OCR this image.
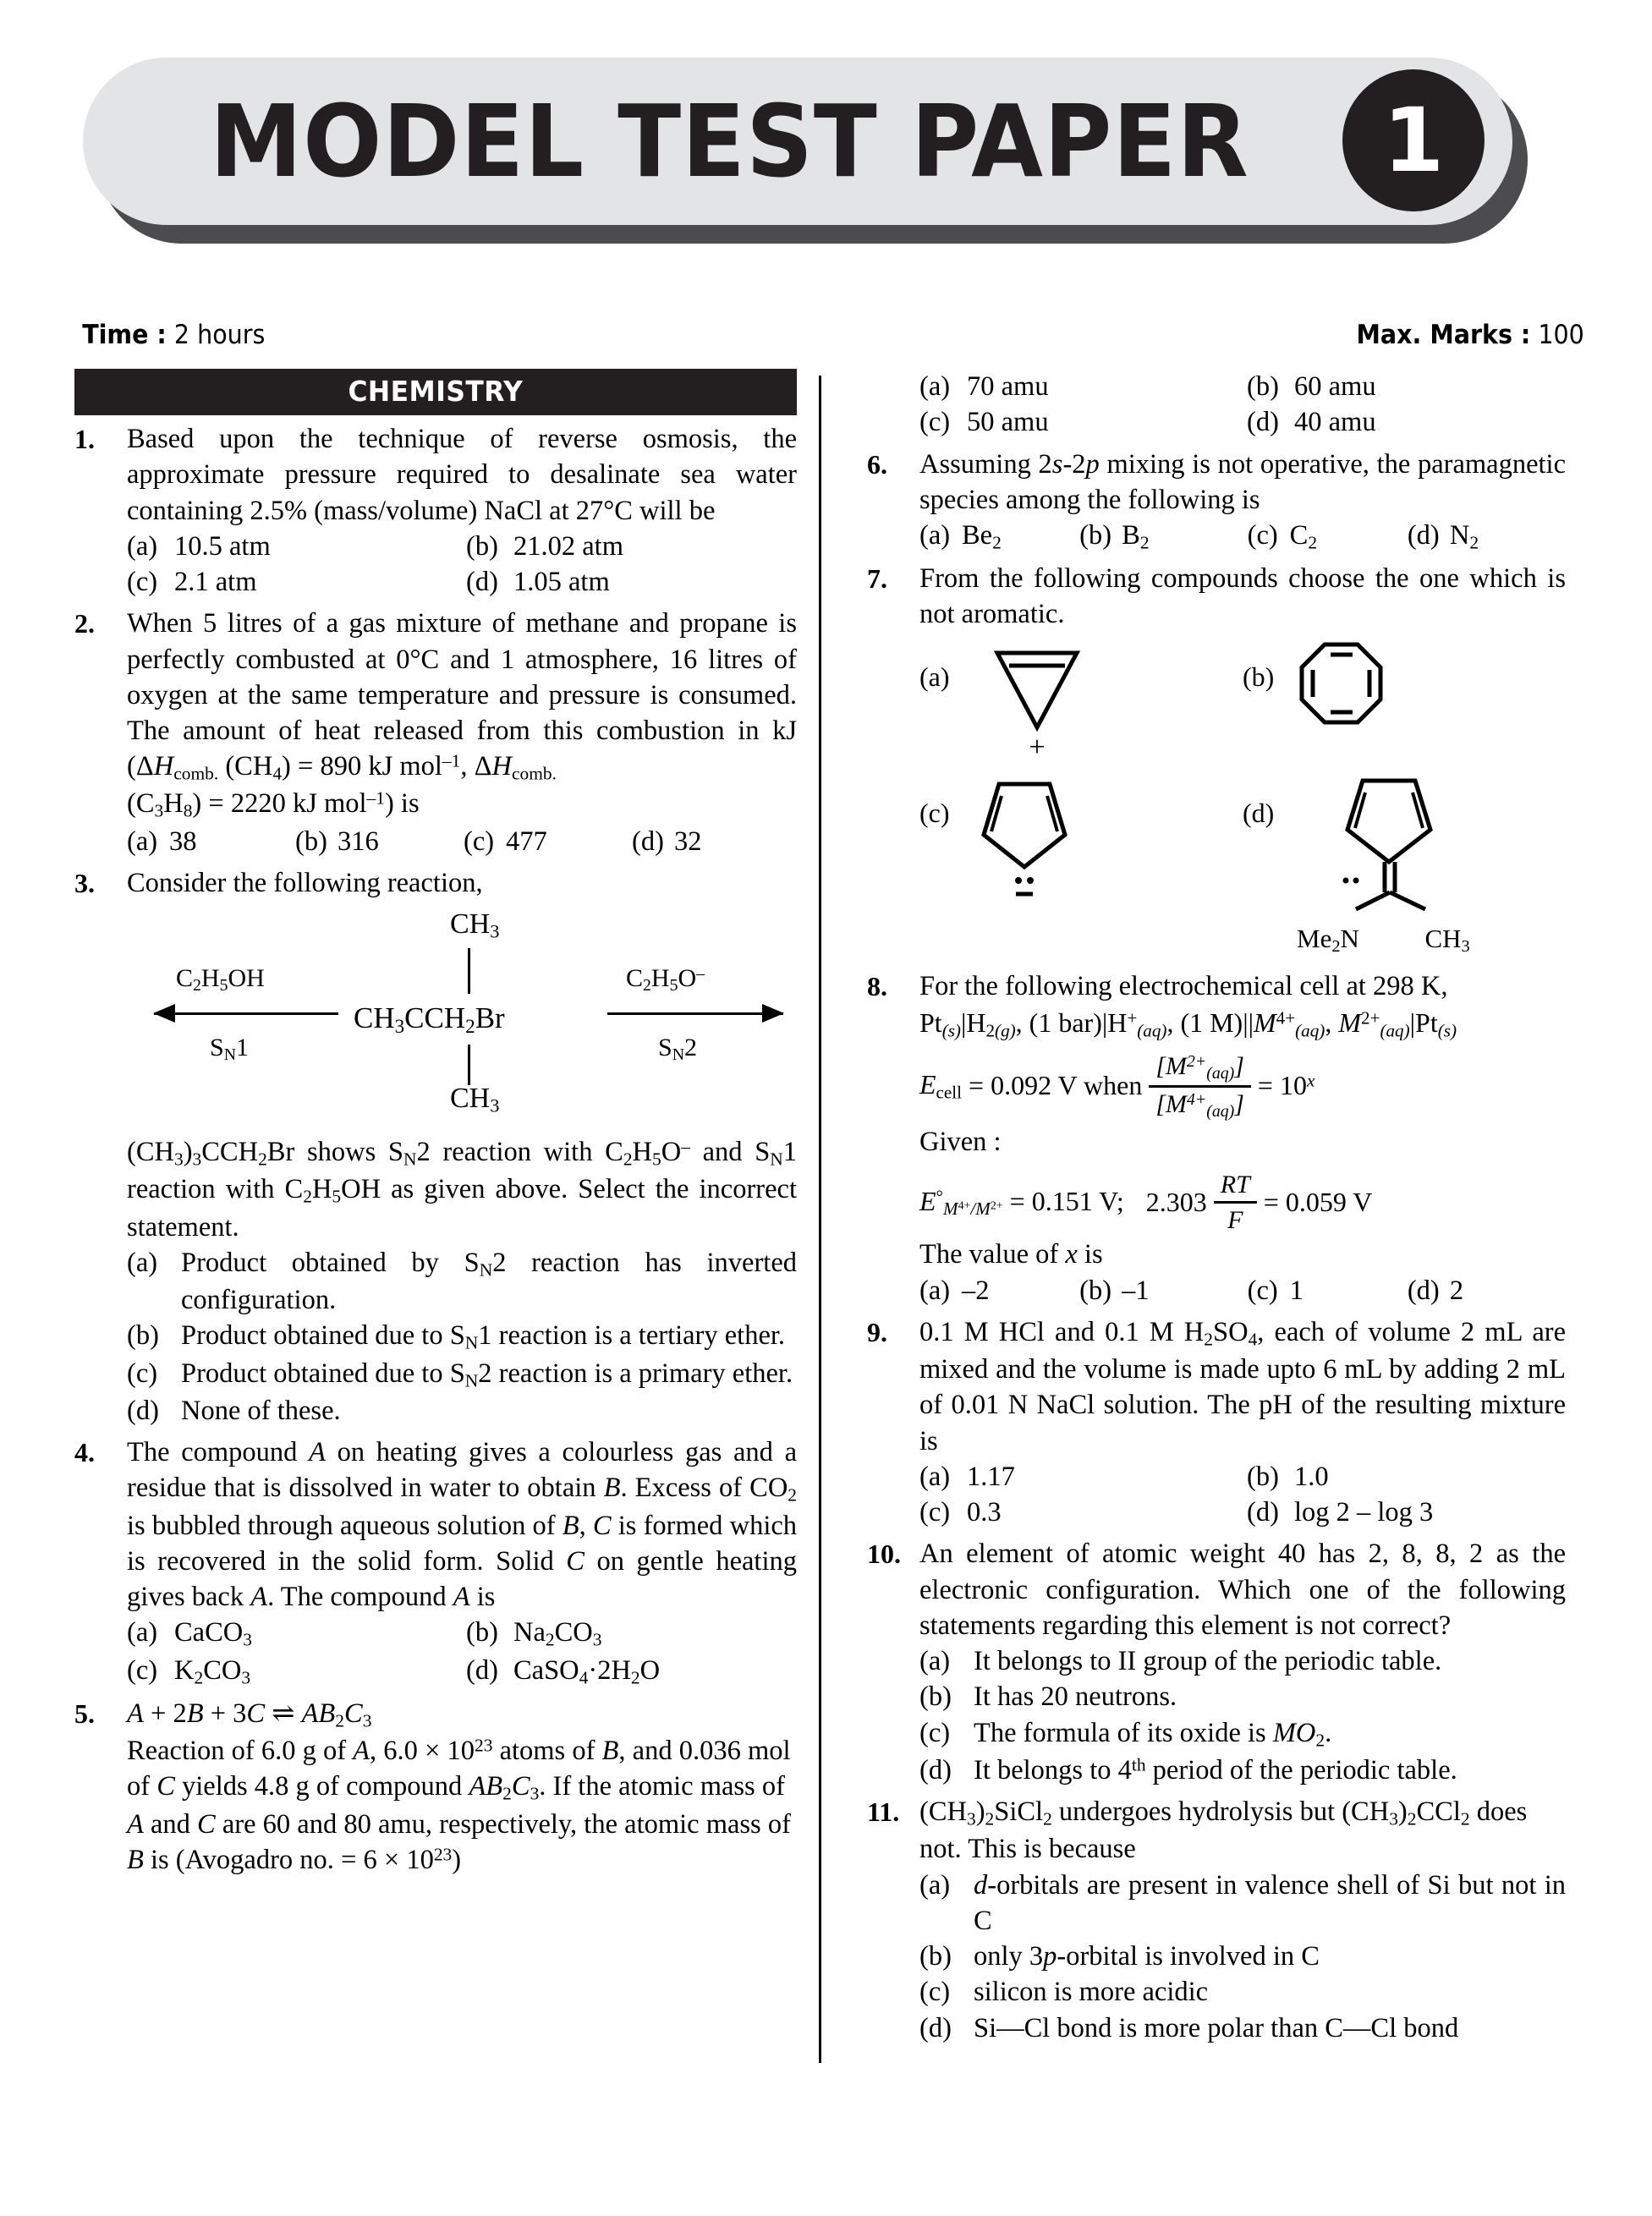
MODEL TEST PAPER	1
Time : 2 hours	Max. Marks : 100
CHEMISTRY
1.	Based upon the technique of reverse osmosis, the approximate pressure required to desalinate sea water containing 2.5% (mass/volume) NaCl at 27°C will be
(a) 10.5 atm	(b) 21.02 atm
(c) 2.1 atm	(d) 1.05 atm
2.	When 5 litres of a gas mixture of methane and propane is perfectly combusted at 0°C and 1 atmosphere, 16 litres of oxygen at the same temperature and pressure is consumed. The amount of heat released from this combustion in kJ ($\Delta H_{comb.}$ $(CH_4) = 890$ kJ mol$^{-1}$, $\Delta H_{comb.}$
$(C_3H_8) = 2220$ kJ mol$^{-1}$) is
(a) 38	(b) 316	(c) 477	(d) 32
3.	Consider the following reaction,
$CH_3$
$CH_3CCH_2Br$
$CH_3$
$C_2H_5OH$
$S_N1$
$C_2H_5O^-$
$S_N2$
$(CH_3)_3CCH_2Br$ shows $S_N2$ reaction with $C_2H_5O^-$ and $S_N1$ reaction with $C_2H_5OH$ as given above. Select the incorrect statement.
(a) Product obtained by $S_N2$ reaction has inverted configuration.
(b) Product obtained due to $S_N1$ reaction is a tertiary ether.
(c) Product obtained due to $S_N2$ reaction is a primary ether.
(d) None of these.
4.	The compound A on heating gives a colourless gas and a residue that is dissolved in water to obtain B. Excess of $CO_2$ is bubbled through aqueous solution of B, C is formed which is recovered in the solid form. Solid C on gentle heating gives back A. The compound A is
(a) CaCO$_3$	(b) $Na_2CO_3$
(c) $K_2CO_3$	(d) $CaSO_4\cdot 2H_2O$
5.	A + 2B + 3C ⇌ $AB_2C_3$
Reaction of 6.0 g of A, $6.0 \times 10^{23}$ atoms of B, and 0.036 mol of C yields 4.8 g of compound $AB_2C_3$. If the atomic mass of A and C are 60 and 80 amu, respectively, the atomic mass of B is (Avogadro no. = $6 \times 10^{23}$)
(a) 70 amu	(b) 60 amu
(c) 50 amu	(d) 40 amu
6.	Assuming 2s-2p mixing is not operative, the paramagnetic species among the following is
(a) $Be_2$	(b) $B_2$	(c) $C_2$	(d) $N_2$
7.	From the following compounds choose the one which is not aromatic.
(a)
+
(b)
(c)	(d)
$Me_2N$	$CH_3$
8.	For the following electrochemical cell at 298 K,
$Pt_{(s)}|H_{2(g)}$, (1 $bar)|H^+_{(aq)}$, (1 $M)||M^{4+}_{(aq)}$, $M^{2+}_{(aq)}|Pt_{(s)}$
$E_{cell} = 0.092$ V when $\frac{[M^{2+}_{(aq)}]}{[M^{4+}_{(aq)}]} = 10^x$
Given :
$E^\circ_{M^{4+}/M^{2+}} = 0.151$ V; $2.303 \frac{RT}{F} = 0.059$ V
The value of x is
(a) –2	(b) –1	(c) 1	(d) 2
9.	0.1 M HCl and 0.1 M $H_2SO_4$, each of volume 2 mL are mixed and the volume is made upto 6 mL by adding 2 mL of 0.01 N NaCl solution. The pH of the resulting mixture is
(a) 1.17	(b) 1.0
(c) 0.3	(d) log 2 – log 3
10. An element of atomic weight 40 has 2, 8, 8, 2 as the electronic configuration. Which one of the following statements regarding this element is not correct?
(a) It belongs to II group of the periodic table.
(b) It has 20 neutrons.
(c) The formula of its oxide is $MO_2$.
(d) It belongs to 4th period of the periodic table.
11. $(CH_3)_2SiCl_2$ undergoes hydrolysis but $(CH_3)_2CCl_2$ does not. This is because
(a) d-orbitals are present in valence shell of Si but not in C
(b) only 3p-orbital is involved in C
(c) silicon is more acidic
(d) Si—Cl bond is more polar than C—Cl bond
